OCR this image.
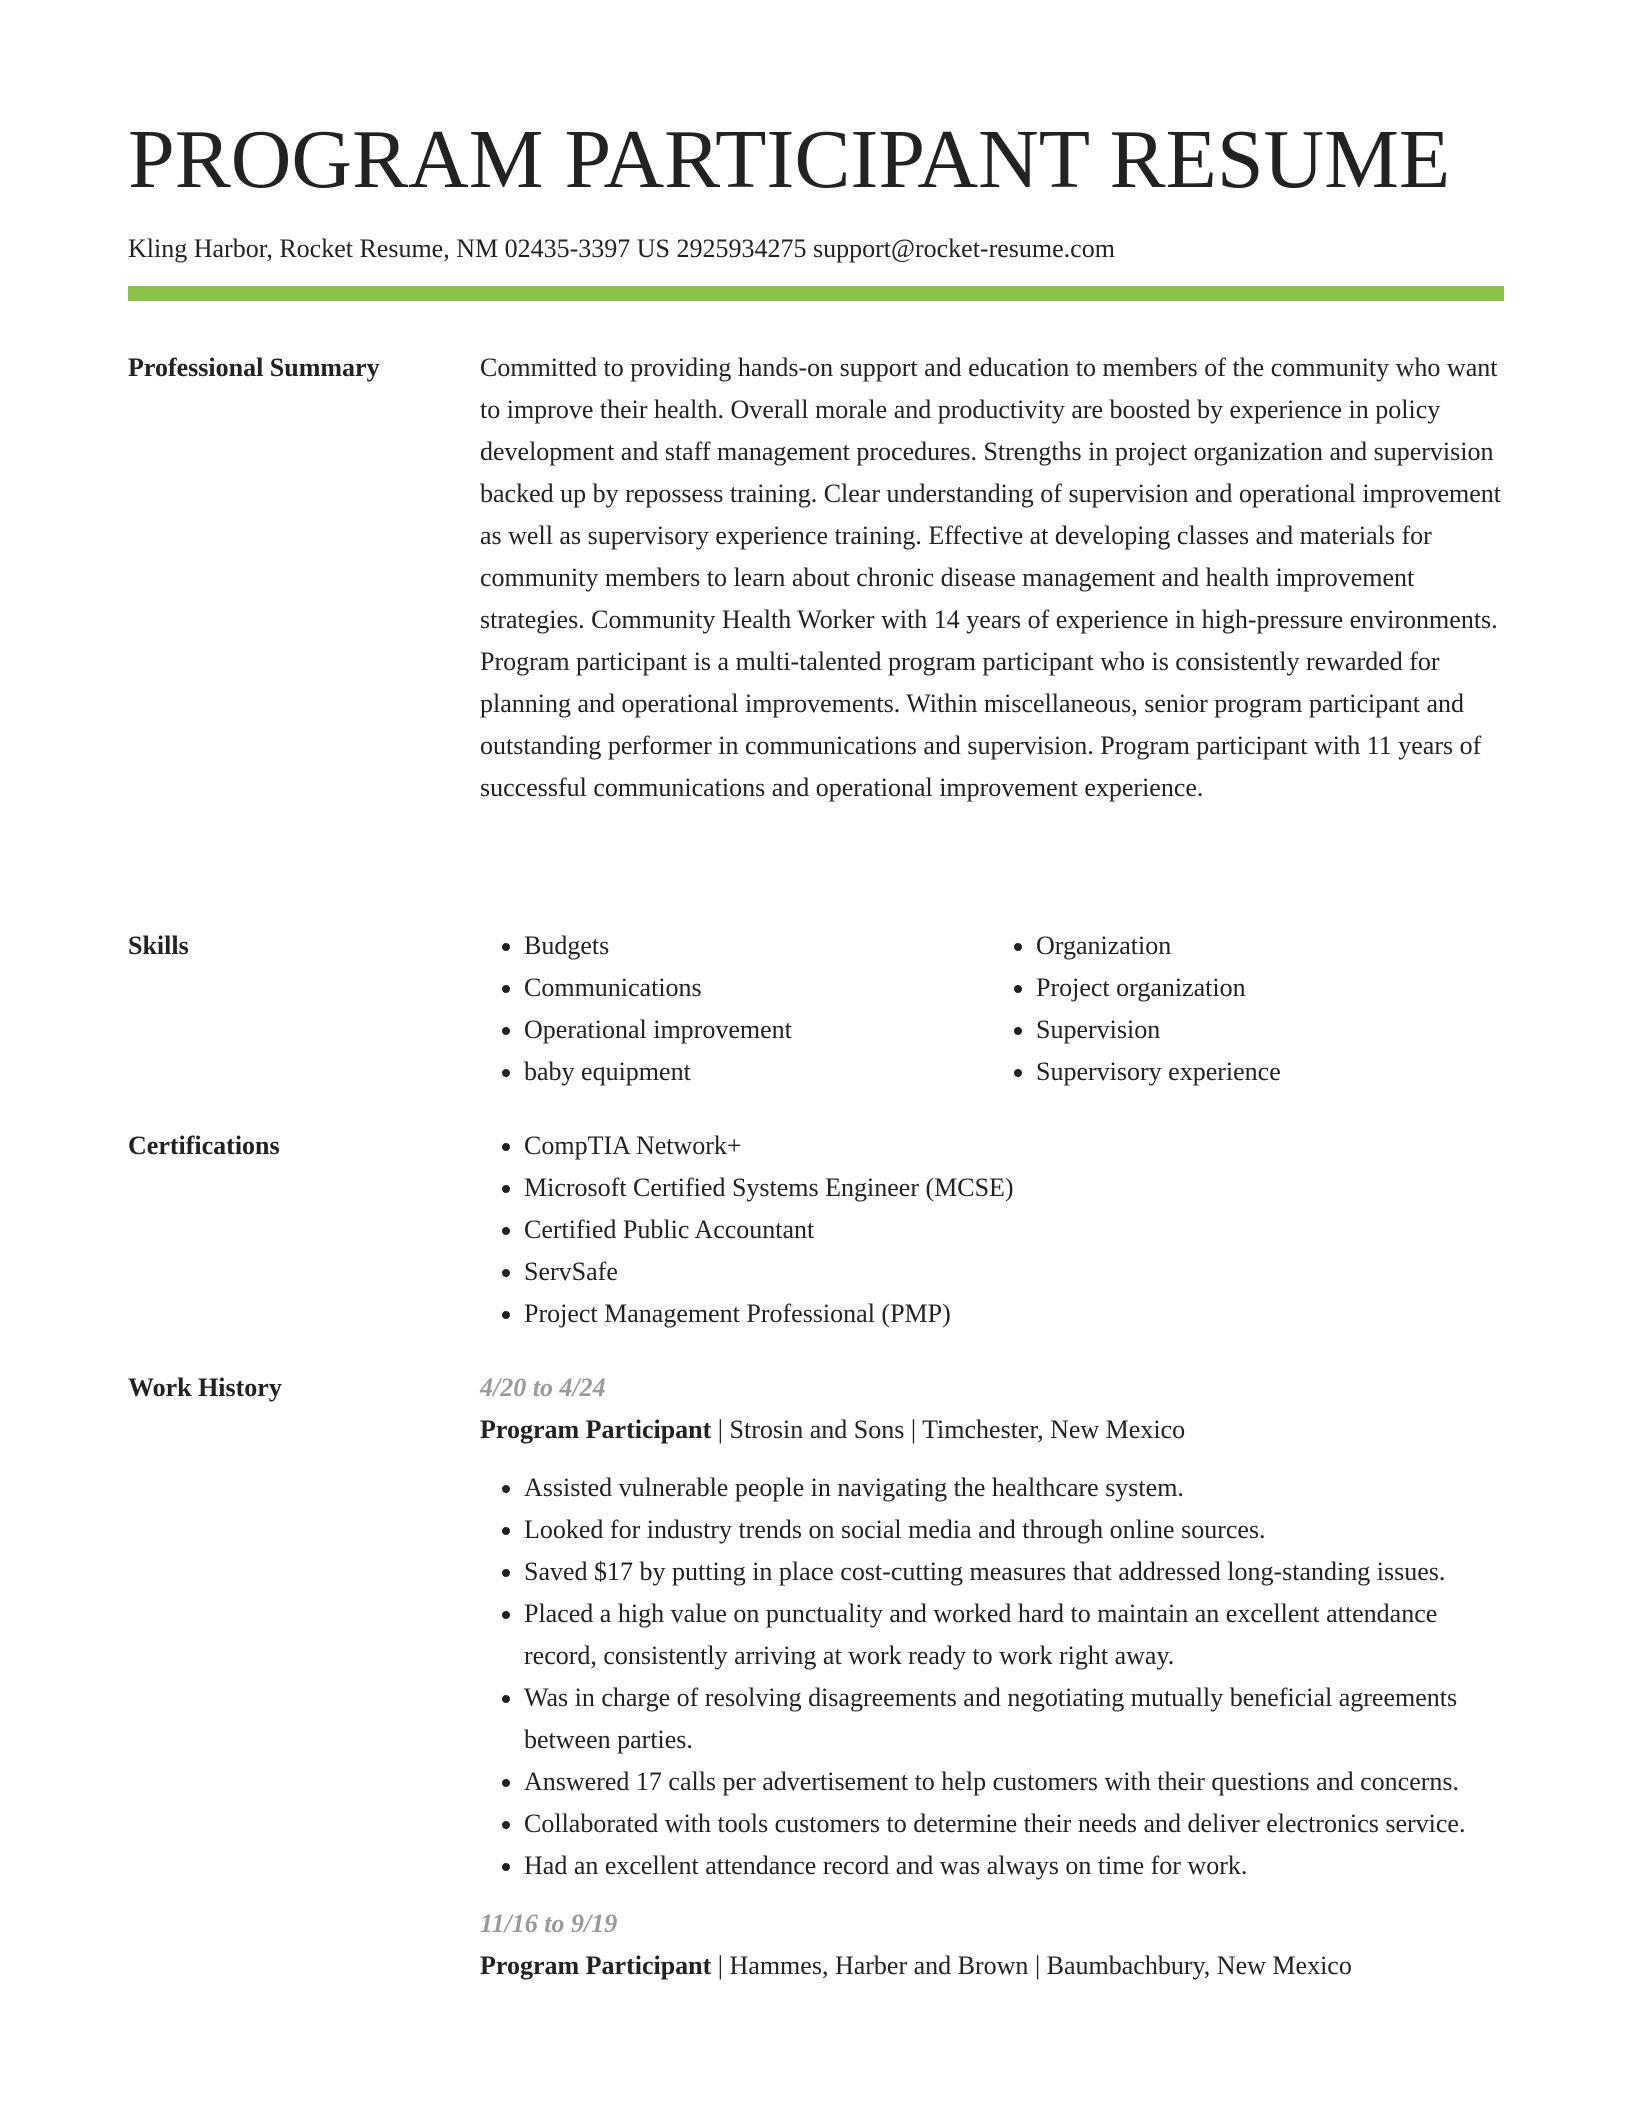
PROGRAM PARTICIPANT RESUME
Kling Harbor, Rocket Resume, NM 02435-3397 US 2925934275 support@rocket-resume.com
Professional Summary	Committed to providing hands-on support and education to members of the community who want to improve their health. Overall morale and productivity are boosted by experience in policy development and staff management procedures. Strengths in project organization and supervision backed up by repossess training. Clear understanding of supervision and operational improvement as well as supervisory experience training. Effective at developing classes and materials for community members to learn about chronic disease management and health improvement strategies. Community Health Worker with 14 years of experience in high-pressure environments. Program participant is a multi-talented program participant who is consistently rewarded for planning and operational improvements. Within miscellaneous, senior program participant and outstanding performer in communications and supervision. Program participant with 11 years of successful communications and operational improvement experience.

Skills	• Budgets
• Communications
• Operational improvement
• baby equipment
• Organization
• Project organization
• Supervision
• Supervisory experience
Certifications	• CompTIA Network+
• Microsoft Certified Systems Engineer (MCSE)
• Certified Public Accountant
• ServSafe
• Project Management Professional (PMP)
Work History	4/20 to 4/24
Program Participant | Strosin and Sons | Timchester, New Mexico
• Assisted vulnerable people in navigating the healthcare system.
• Looked for industry trends on social media and through online sources.
• Saved $17 by putting in place cost-cutting measures that addressed long-standing issues.
• Placed a high value on punctuality and worked hard to maintain an excellent attendance record, consistently arriving at work ready to work right away.
• Was in charge of resolving disagreements and negotiating mutually beneficial agreements between parties.
• Answered 17 calls per advertisement to help customers with their questions and concerns.
• Collaborated with tools customers to determine their needs and deliver electronics service.
• Had an excellent attendance record and was always on time for work.
11/16 to 9/19
Program Participant | Hammes, Harber and Brown | Baumbachbury, New Mexico
